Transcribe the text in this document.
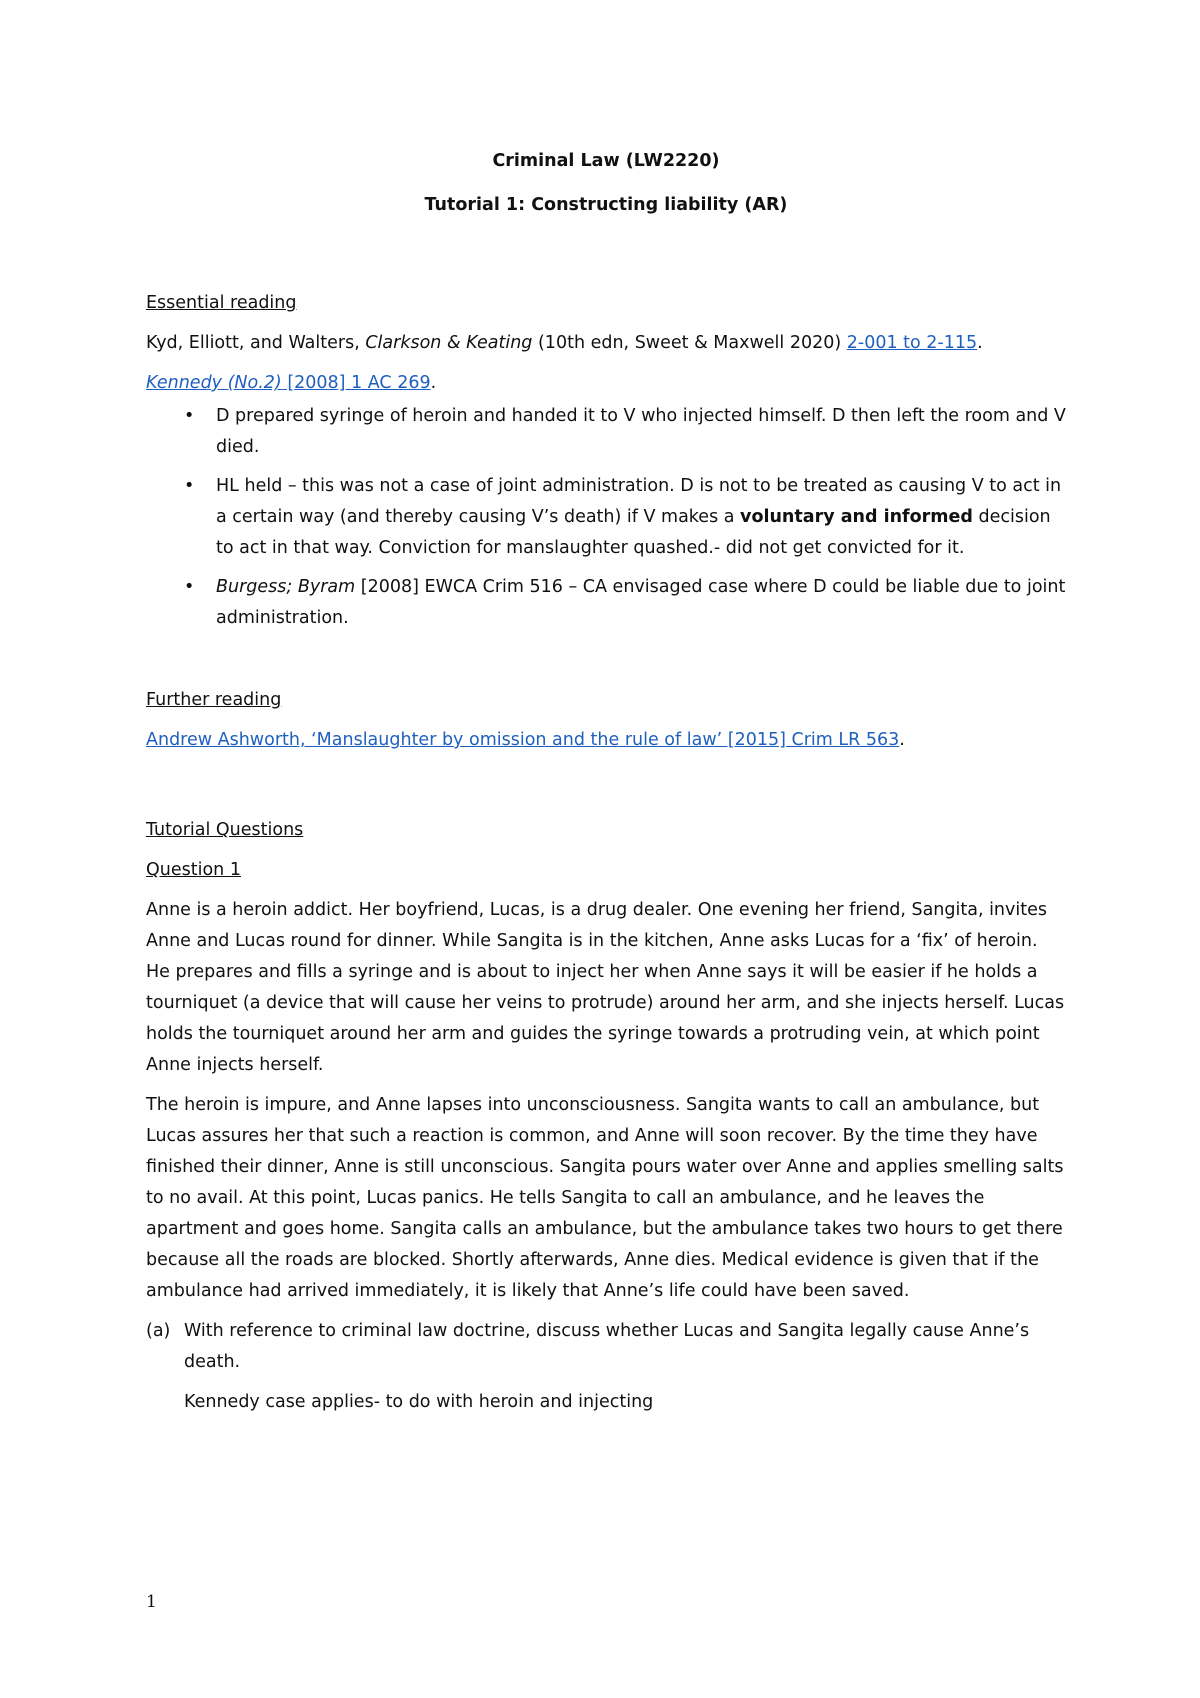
Criminal Law (LW2220)

Tutorial 1: Constructing liability (AR)

Essential reading

Kyd, Elliott, and Walters, Clarkson & Keating (10th edn, Sweet & Maxwell 2020) 2-001 to 2-115.

Kennedy (No.2) [2008] 1 AC 269.

• D prepared syringe of heroin and handed it to V who injected himself. D then left the room and V died.
• HL held – this was not a case of joint administration. D is not to be treated as causing V to act in a certain way (and thereby causing V’s death) if V makes a voluntary and informed decision to act in that way. Conviction for manslaughter quashed.- did not get convicted for it.
• Burgess; Byram [2008] EWCA Crim 516 – CA envisaged case where D could be liable due to joint administration.

Further reading

Andrew Ashworth, ‘Manslaughter by omission and the rule of law’ [2015] Crim LR 563.

Tutorial Questions

Question 1

Anne is a heroin addict. Her boyfriend, Lucas, is a drug dealer. One evening her friend, Sangita, invites Anne and Lucas round for dinner. While Sangita is in the kitchen, Anne asks Lucas for a ‘fix’ of heroin. He prepares and fills a syringe and is about to inject her when Anne says it will be easier if he holds a tourniquet (a device that will cause her veins to protrude) around her arm, and she injects herself. Lucas holds the tourniquet around her arm and guides the syringe towards a protruding vein, at which point Anne injects herself.

The heroin is impure, and Anne lapses into unconsciousness. Sangita wants to call an ambulance, but Lucas assures her that such a reaction is common, and Anne will soon recover. By the time they have finished their dinner, Anne is still unconscious. Sangita pours water over Anne and applies smelling salts to no avail. At this point, Lucas panics. He tells Sangita to call an ambulance, and he leaves the apartment and goes home. Sangita calls an ambulance, but the ambulance takes two hours to get there because all the roads are blocked. Shortly afterwards, Anne dies. Medical evidence is given that if the ambulance had arrived immediately, it is likely that Anne’s life could have been saved.

(a) With reference to criminal law doctrine, discuss whether Lucas and Sangita legally cause Anne’s death.

Kennedy case applies- to do with heroin and injecting

1
